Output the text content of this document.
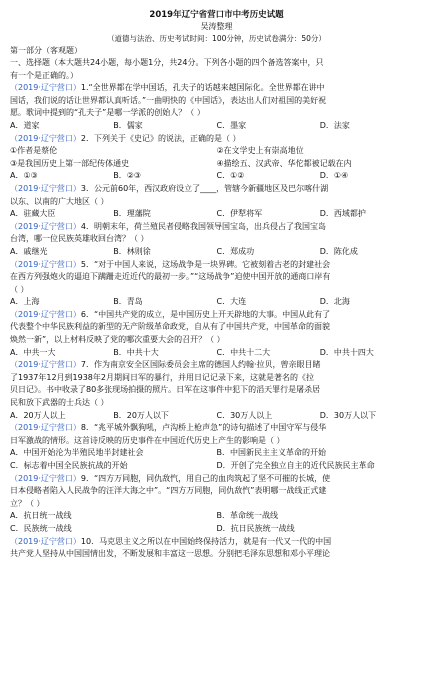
2019年辽宁省营口市中考历史试题
吴涛整理
（道德与法治、历史考试时间：100分钟，历史试卷满分：50分）
第一部分（客观题）
一、选择题（本大题共24小题，每小题1分，共24分。下列各小题的四个备选答案中，只
有一个是正确的。）
（2019·辽宁营口）1.“全世界都在学中国话，孔夫子的话越来越国际化。全世界都在讲中
国话，我们说的话让世界都认真听话。”一曲明快的《中国话》，表达出人们对祖国的美好祝
愿。歌词中提到的“孔夫子”是哪一学派的创始人？（ ）
A．道家	B．儒家	C．墨家	D．法家
（2019·辽宁营口）2．下列关于《史记》的说法，正确的是（ ）
①作者是蔡伦	②在文学史上有崇高地位
③是我国历史上第一部纪传体通史	④描绘五、汉武帝、华佗都被记载在内
A．①③	B．②③	C．①②	D．①④
（2019·辽宁营口）3．公元前60年，西汉政府设立了____，管辖今新疆地区及巴尔喀什湖
以东、以南的广大地区（ ）
A．驻藏大臣	B．理藩院	C．伊犁将军	D．西域都护
（2019·辽宁营口）4．明朝末年，荷兰殖民者侵略我国领导国宝岛，出兵侵占了我国宝岛
台湾，哪一位民族英雄收回台湾？（ ）
A．戚继光	B．林则徐	C．郑成功	D．陈化成
（2019·辽宁营口）5．“对于中国人来说，这场战争是一块界碑。它被刻着古老的封建社会
在西方列强炮火的逼迫下蹒跚走近近代的最初一步。”“这场战争”迫使中国开放的通商口岸有
（ ）
A．上海	B．青岛	C．大连	D．北海
（2019·辽宁营口）6．“中国共产党的成立，是中国历史上开天辟地的大事。中国从此有了
代表整个中华民族利益的新型的无产阶级革命政党，自从有了中国共产党，中国革命的面貌
焕然一新”，以上材料反映了党的哪次重要大会的召开？（ ）
A．中共一大	B．中共十大	C．中共十二大	D．中共十四大
（2019·辽宁营口）7．作为南京安全区国际委员会主席的德国人约翰·拉贝，曾亲眼目睹
了1937年12月到1938年2月期间日军的暴行，并用日记记录下来，这就是著名的《拉
贝日记》。书中收录了80多张现场拍摄的照片。日军在这事件中犯下的滔天罪行是屠杀居
民和放下武器的士兵达（ ）
A．20万人以上	B．20万人以下	C．30万人以上	D．30万人以下
（2019·辽宁营口）8．“兆平城外飘狗吼，卢沟桥上枪声急”的诗句描述了中国守军与侵华
日军激战的情形。这首诗反映的历史事件在中国近代历史上产生的影响是（ ）
A．中国开始沦为半殖民地半封建社会	B．中国新民主主义革命的开始
C．标志着中国全民族抗战的开始	D．开创了完全独立自主的近代民族民主革命
（2019·辽宁营口）9．“四方万同胞，同仇敌忾，用自己的血肉筑起了坚不可摧的长城，使
日本侵略者陷入人民战争的汪洋大海之中”。“四方万同胞，同仇敌忾”表明哪一战线正式建
立？（ ）
A．抗日统一战线	B．革命统一战线
C．民族统一战线	D．抗日民族统一战线
（2019·辽宁营口）10．马克思主义之所以在中国始终保持活力，就是有一代又一代的中国
共产党人坚持从中国国情出发，不断发展和丰富这一思想。分别把毛泽东思想和邓小平理论
